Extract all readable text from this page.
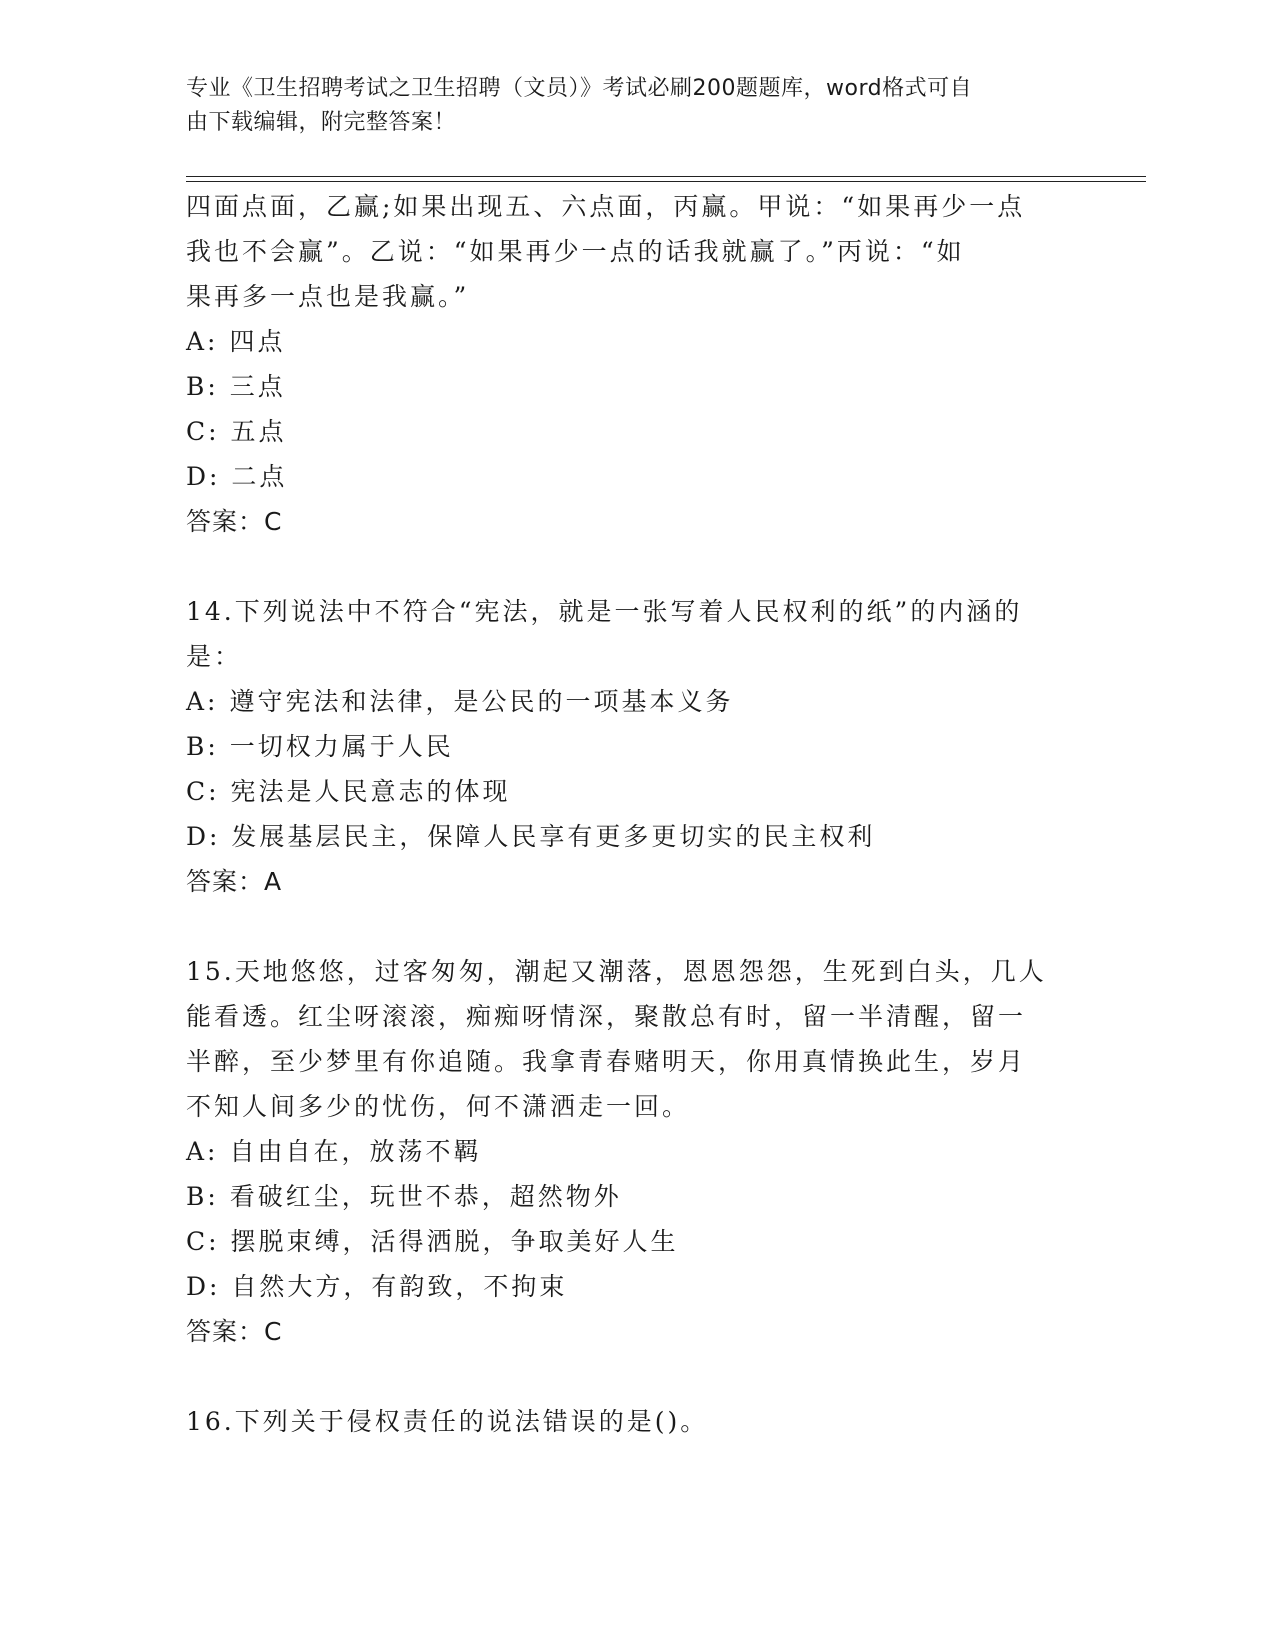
专业《卫生招聘考试之卫生招聘（文员）》考试必刷200题题库，word格式可自
由下载编辑，附完整答案！

四面点面，乙赢;如果出现五、六点面，丙赢。甲说：“如果再少一点

我也不会赢”。乙说：“如果再少一点的话我就赢了。”丙说：“如

果再多一点也是我赢。”

A: 四点

B: 三点

C: 五点

D: 二点

答案：C

14.下列说法中不符合“宪法，就是一张写着人民权利的纸”的内涵的

是：

A: 遵守宪法和法律，是公民的一项基本义务

B: 一切权力属于人民

C: 宪法是人民意志的体现

D: 发展基层民主，保障人民享有更多更切实的民主权利

答案：A

15.天地悠悠，过客匆匆，潮起又潮落，恩恩怨怨，生死到白头，几人

能看透。红尘呀滚滚，痴痴呀情深，聚散总有时，留一半清醒，留一

半醉，至少梦里有你追随。我拿青春赌明天，你用真情换此生，岁月

不知人间多少的忧伤，何不潇洒走一回。

A: 自由自在，放荡不羁

B: 看破红尘，玩世不恭，超然物外

C: 摆脱束缚，活得洒脱，争取美好人生

D: 自然大方，有韵致，不拘束

答案：C

16.下列关于侵权责任的说法错误的是()。
